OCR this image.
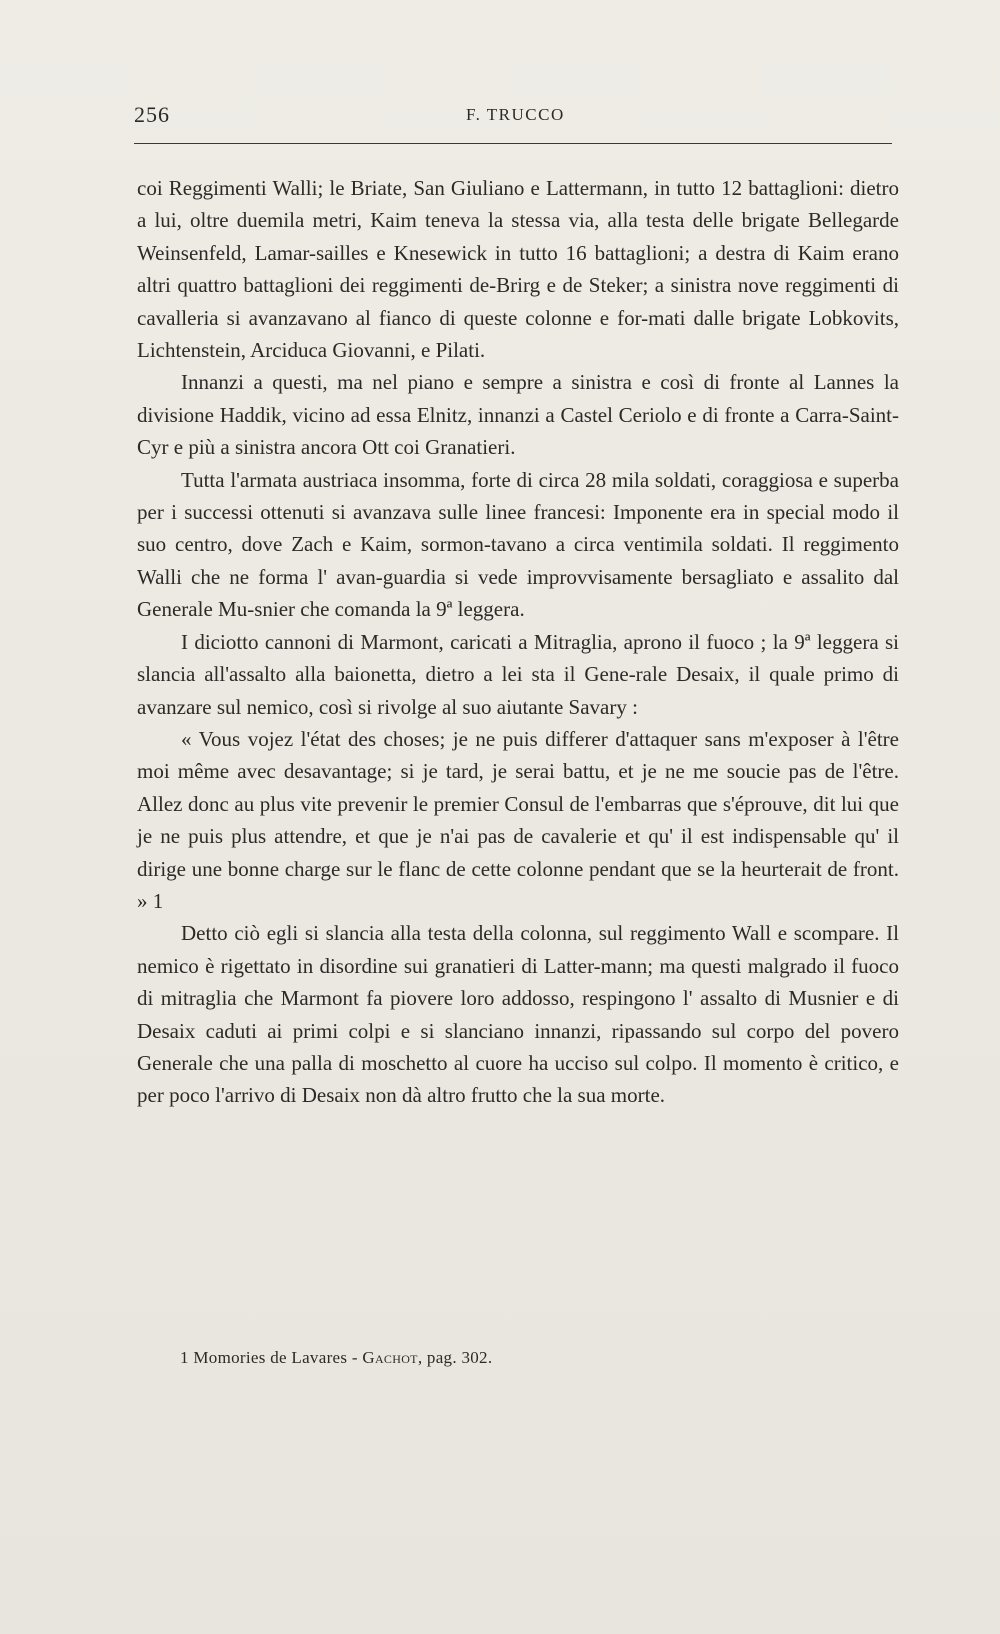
256	F. TRUCCO

coi Reggimenti Walli; le Briate, San Giuliano e Lattermann, in tutto 12 battaglioni: dietro a lui, oltre duemila metri, Kaim teneva la stessa via, alla testa delle brigate Bellegarde Weinsenfeld, Lamar-sailles e Knesewick in tutto 16 battaglioni; a destra di Kaim erano altri quattro battaglioni dei reggimenti de-Brirg e de Steker; a sinistra nove reggimenti di cavalleria si avanzavano al fianco di queste colonne e for-mati dalle brigate Lobkovits, Lichtenstein, Arciduca Giovanni, e Pilati.

Innanzi a questi, ma nel piano e sempre a sinistra e così di fronte al Lannes la divisione Haddik, vicino ad essa Elnitz, innanzi a Castel Ceriolo e di fronte a Carra-Saint-Cyr e più a sinistra ancora Ott coi Granatieri.

Tutta l'armata austriaca insomma, forte di circa 28 mila soldati, coraggiosa e superba per i successi ottenuti si avanzava sulle linee francesi: Imponente era in special modo il suo centro, dove Zach e Kaim, sormon-tavano a circa ventimila soldati. Il reggimento Walli che ne forma l' avan-guardia si vede improvvisamente bersagliato e assalito dal Generale Mu-snier che comanda la 9ª leggera.

I diciotto cannoni di Marmont, caricati a Mitraglia, aprono il fuoco ; la 9ª leggera si slancia all'assalto alla baionetta, dietro a lei sta il Gene-rale Desaix, il quale primo di avanzare sul nemico, così si rivolge al suo aiutante Savary :

« Vous vojez l'état des choses; je ne puis differer d'attaquer sans m'exposer à l'être moi même avec desavantage; si je tard, je serai battu, et je ne me soucie pas de l'être. Allez donc au plus vite prevenir le premier Consul de l'embarras que s'éprouve, dit lui que je ne puis plus attendre, et que je n'ai pas de cavalerie et qu' il est indispensable qu' il dirige une bonne charge sur le flanc de cette colonne pendant que se la heurterait de front. » 1

Detto ciò egli si slancia alla testa della colonna, sul reggimento Wall e scompare. Il nemico è rigettato in disordine sui granatieri di Latter-mann; ma questi malgrado il fuoco di mitraglia che Marmont fa piovere loro addosso, respingono l' assalto di Musnier e di Desaix caduti ai primi colpi e si slanciano innanzi, ripassando sul corpo del povero Generale che una palla di moschetto al cuore ha ucciso sul colpo. Il momento è critico, e per poco l'arrivo di Desaix non dà altro frutto che la sua morte.

1 Momories de Lavares - Gachot, pag. 302.
